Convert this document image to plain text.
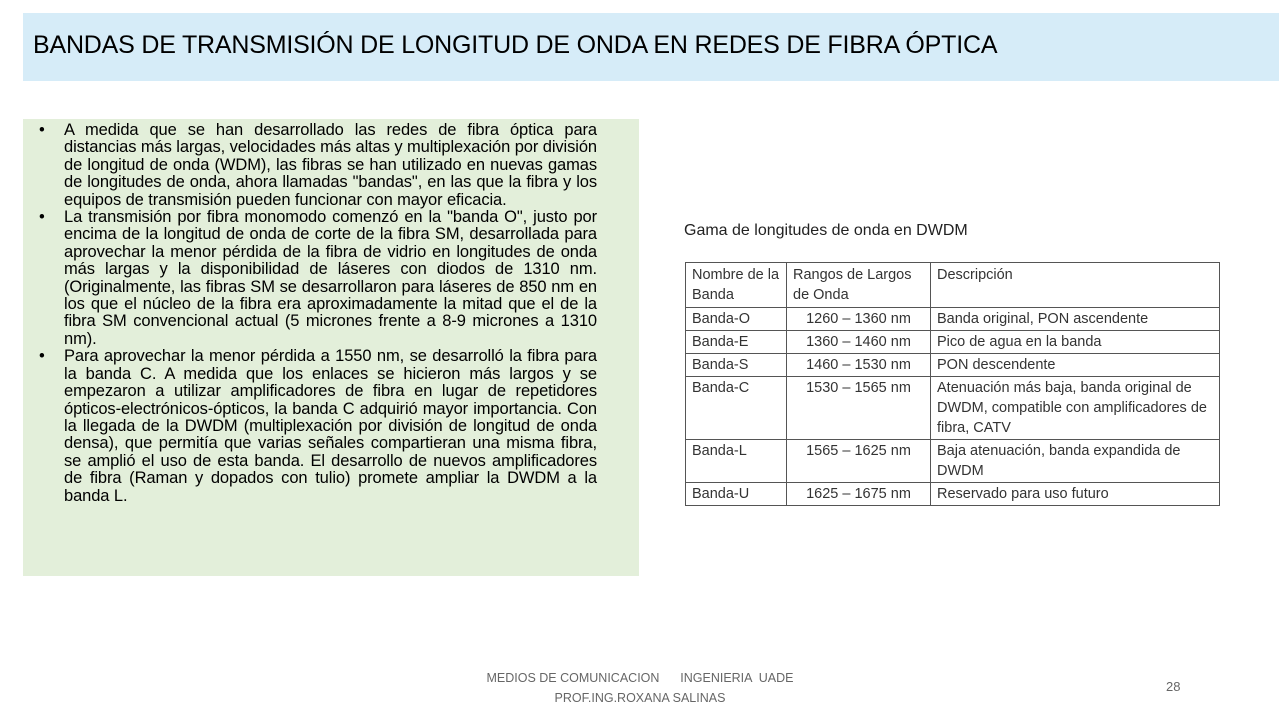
BANDAS DE TRANSMISIÓN DE LONGITUD DE ONDA EN REDES DE FIBRA ÓPTICA
• A medida que se han desarrollado las redes de fibra óptica para distancias más largas, velocidades más altas y multiplexación por división de longitud de onda (WDM), las fibras se han utilizado en nuevas gamas de longitudes de onda, ahora llamadas "bandas", en las que la fibra y los equipos de transmisión pueden funcionar con mayor eficacia.
• La transmisión por fibra monomodo comenzó en la "banda O", justo por encima de la longitud de onda de corte de la fibra SM, desarrollada para aprovechar la menor pérdida de la fibra de vidrio en longitudes de onda más largas y la disponibilidad de láseres con diodos de 1310 nm. (Originalmente, las fibras SM se desarrollaron para láseres de 850 nm en los que el núcleo de la fibra era aproximadamente la mitad que el de la fibra SM convencional actual (5 micrones frente a 8-9 micrones a 1310 nm).
• Para aprovechar la menor pérdida a 1550 nm, se desarrolló la fibra para la banda C. A medida que los enlaces se hicieron más largos y se empezaron a utilizar amplificadores de fibra en lugar de repetidores ópticos-electrónicos-ópticos, la banda C adquirió mayor importancia. Con la llegada de la DWDM (multiplexación por división de longitud de onda densa), que permitía que varias señales compartieran una misma fibra, se amplió el uso de esta banda. El desarrollo de nuevos amplificadores de fibra (Raman y dopados con tulio) promete ampliar la DWDM a la banda L.
Gama de longitudes de onda en DWDM
Nombre de la Banda	Rangos de Largos de Onda	Descripción
Banda-O	1260 – 1360 nm	Banda original, PON ascendente
Banda-E	1360 – 1460 nm	Pico de agua en la banda
Banda-S	1460 – 1530 nm	PON descendente
Banda-C	1530 – 1565 nm	Atenuación más baja, banda original de DWDM, compatible con amplificadores de fibra, CATV
Banda-L	1565 – 1625 nm	Baja atenuación, banda expandida de DWDM
Banda-U	1625 – 1675 nm	Reservado para uso futuro
MEDIOS DE COMUNICACION      INGENIERIA  UADE
PROF.ING.ROXANA SALINAS
28
